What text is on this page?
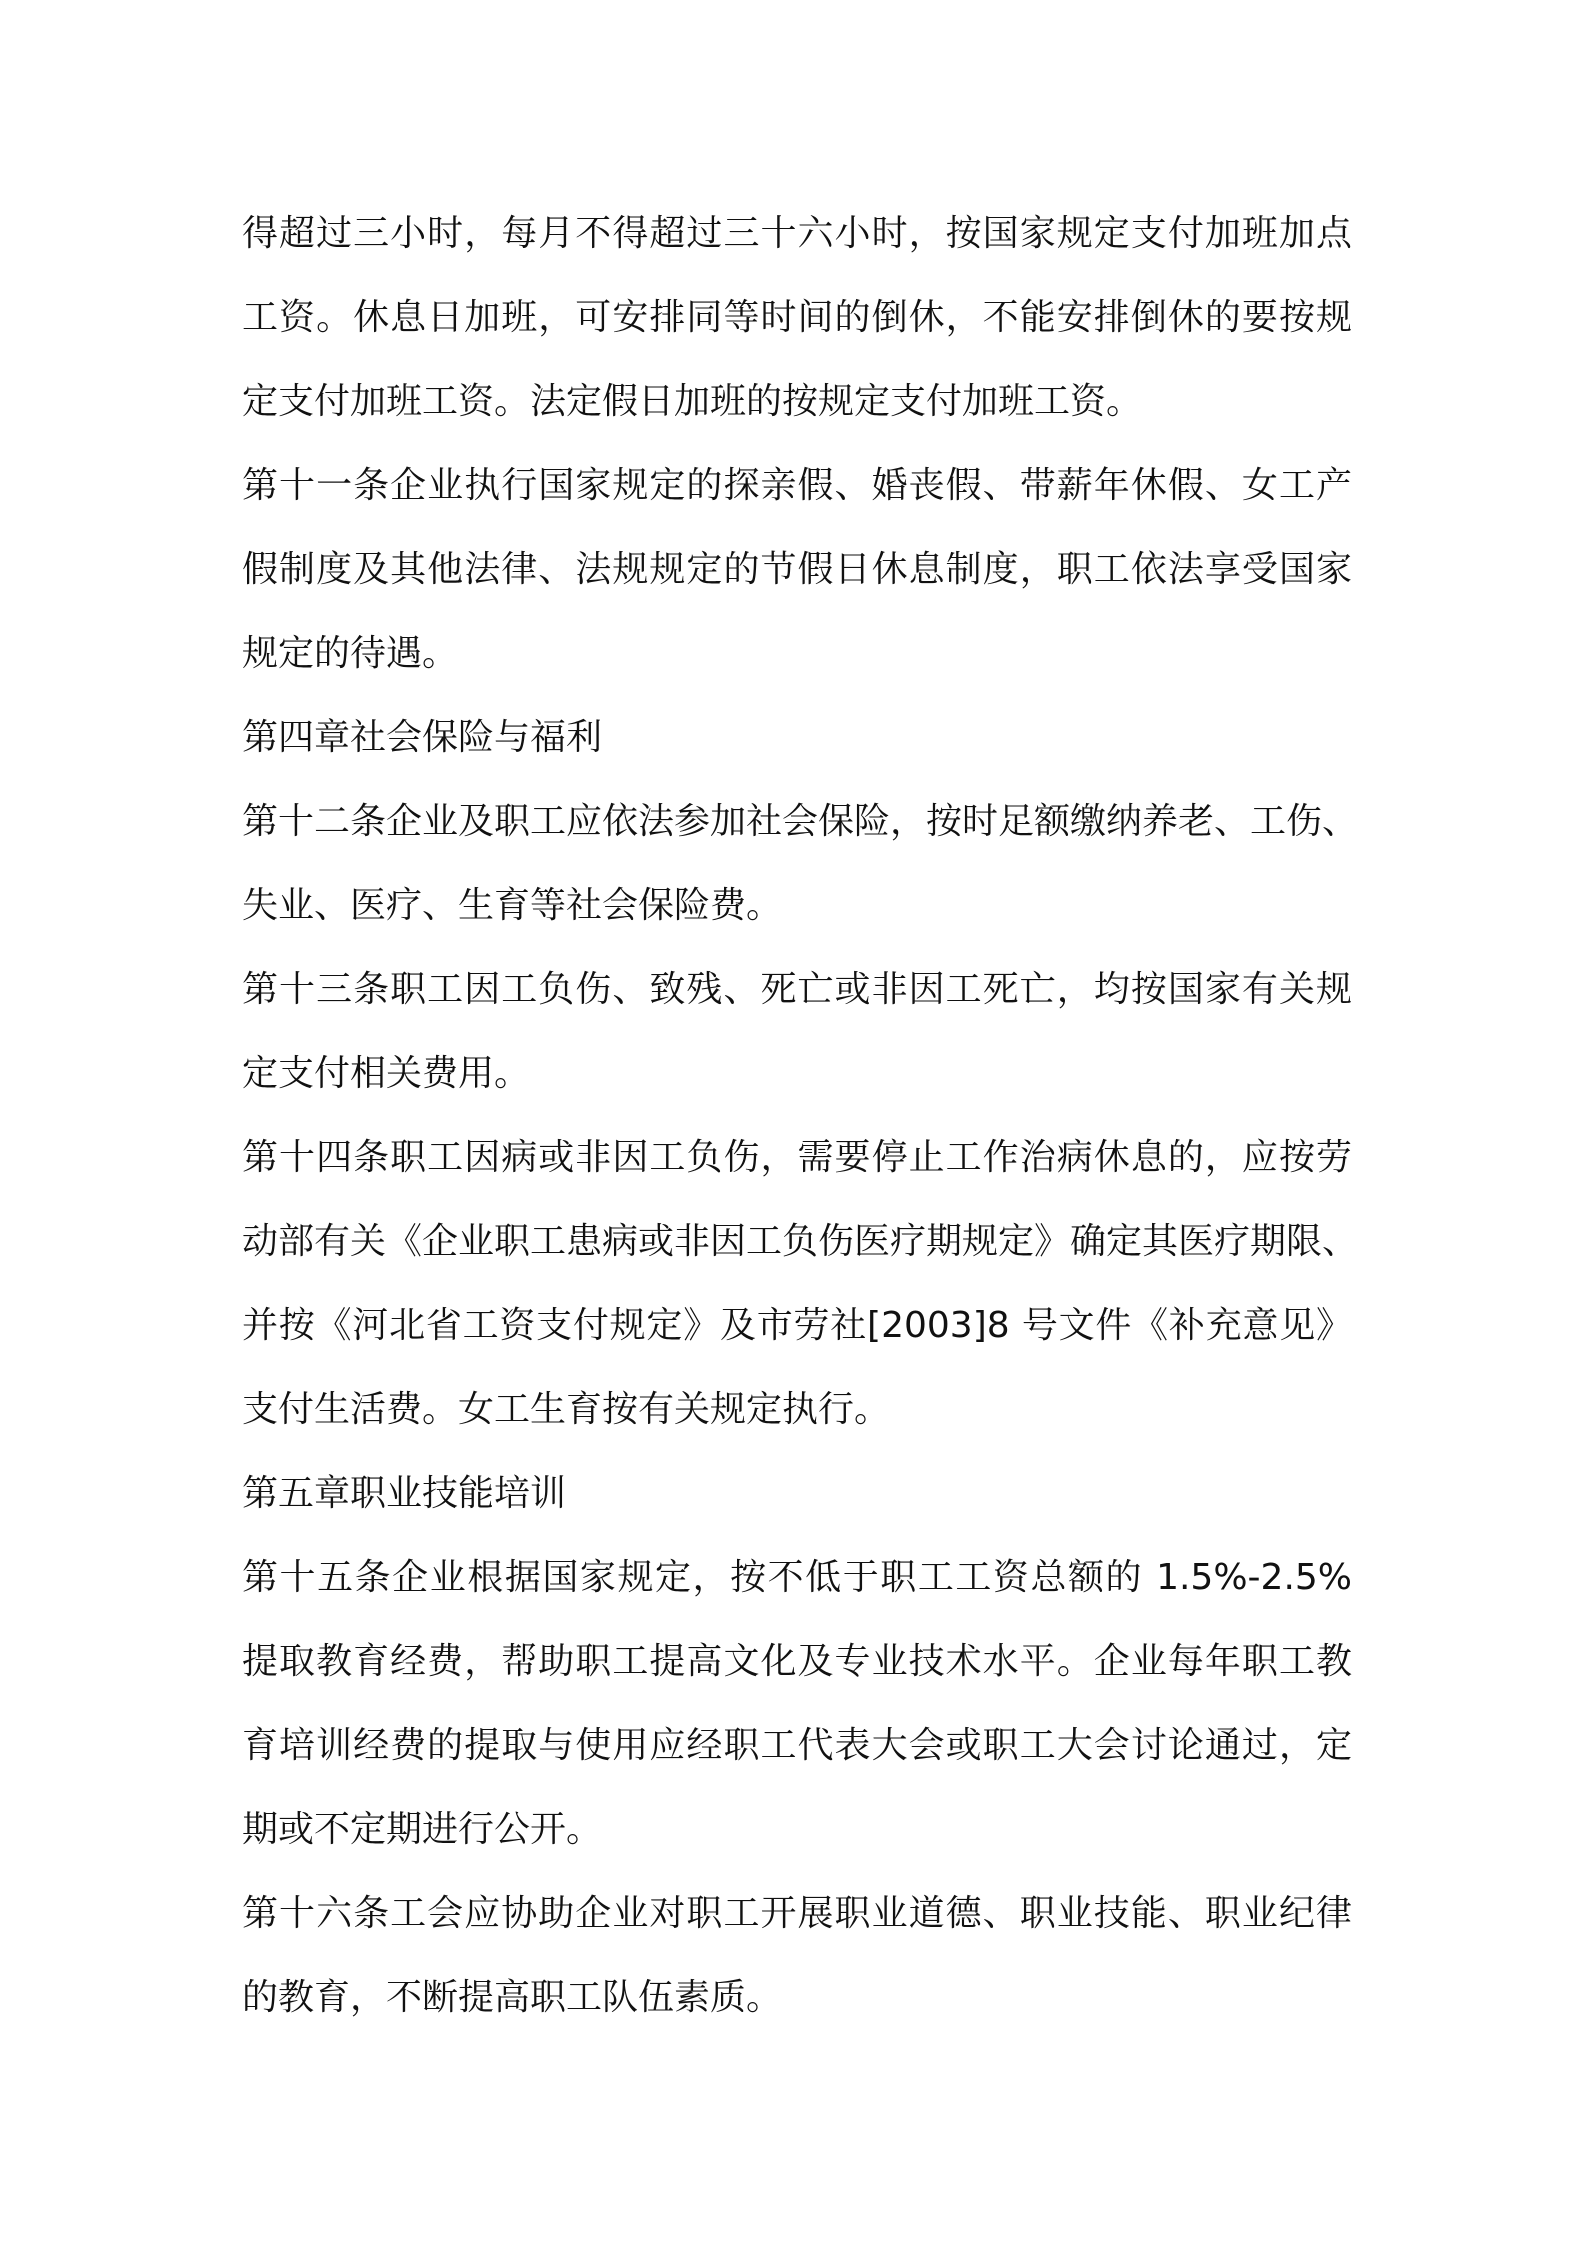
得超过三小时，每月不得超过三十六小时，按国家规定支付加班加点
工资。休息日加班，可安排同等时间的倒休，不能安排倒休的要按规
定支付加班工资。法定假日加班的按规定支付加班工资。
第十一条企业执行国家规定的探亲假、婚丧假、带薪年休假、女工产
假制度及其他法律、法规规定的节假日休息制度，职工依法享受国家
规定的待遇。
第四章社会保险与福利
第十二条企业及职工应依法参加社会保险，按时足额缴纳养老、工伤、
失业、医疗、生育等社会保险费。
第十三条职工因工负伤、致残、死亡或非因工死亡，均按国家有关规
定支付相关费用。
第十四条职工因病或非因工负伤，需要停止工作治病休息的，应按劳
动部有关《企业职工患病或非因工负伤医疗期规定》确定其医疗期限、
并按《河北省工资支付规定》及市劳社[2003]8 号文件《补充意见》
支付生活费。女工生育按有关规定执行。
第五章职业技能培训
第十五条企业根据国家规定，按不低于职工工资总额的 1.5%-2.5%
提取教育经费，帮助职工提高文化及专业技术水平。企业每年职工教
育培训经费的提取与使用应经职工代表大会或职工大会讨论通过，定
期或不定期进行公开。
第十六条工会应协助企业对职工开展职业道德、职业技能、职业纪律
的教育，不断提高职工队伍素质。
